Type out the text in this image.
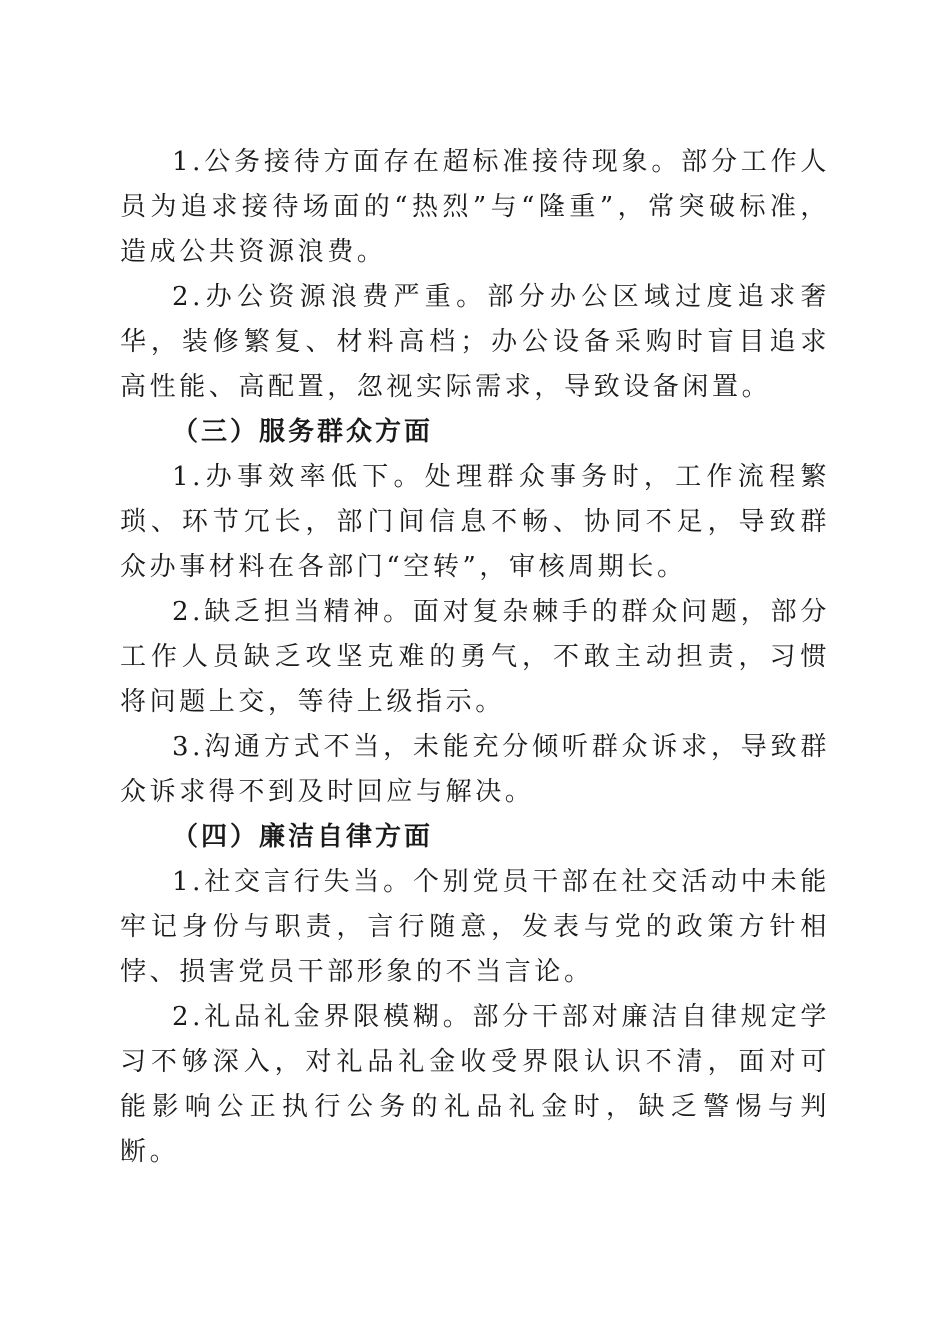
1.公务接待方面存在超标准接待现象。部分工作人员为追求接待场面的“热烈”与“隆重”，常突破标准，造成公共资源浪费。

2.办公资源浪费严重。部分办公区域过度追求奢华，装修繁复、材料高档；办公设备采购时盲目追求高性能、高配置，忽视实际需求，导致设备闲置。

（三）服务群众方面

1.办事效率低下。处理群众事务时，工作流程繁琐、环节冗长，部门间信息不畅、协同不足，导致群众办事材料在各部门“空转”，审核周期长。

2.缺乏担当精神。面对复杂棘手的群众问题，部分工作人员缺乏攻坚克难的勇气，不敢主动担责，习惯将问题上交，等待上级指示。

3.沟通方式不当，未能充分倾听群众诉求，导致群众诉求得不到及时回应与解决。

（四）廉洁自律方面

1.社交言行失当。个别党员干部在社交活动中未能牢记身份与职责，言行随意，发表与党的政策方针相悖、损害党员干部形象的不当言论。

2.礼品礼金界限模糊。部分干部对廉洁自律规定学习不够深入，对礼品礼金收受界限认识不清，面对可能影响公正执行公务的礼品礼金时，缺乏警惕与判断。
